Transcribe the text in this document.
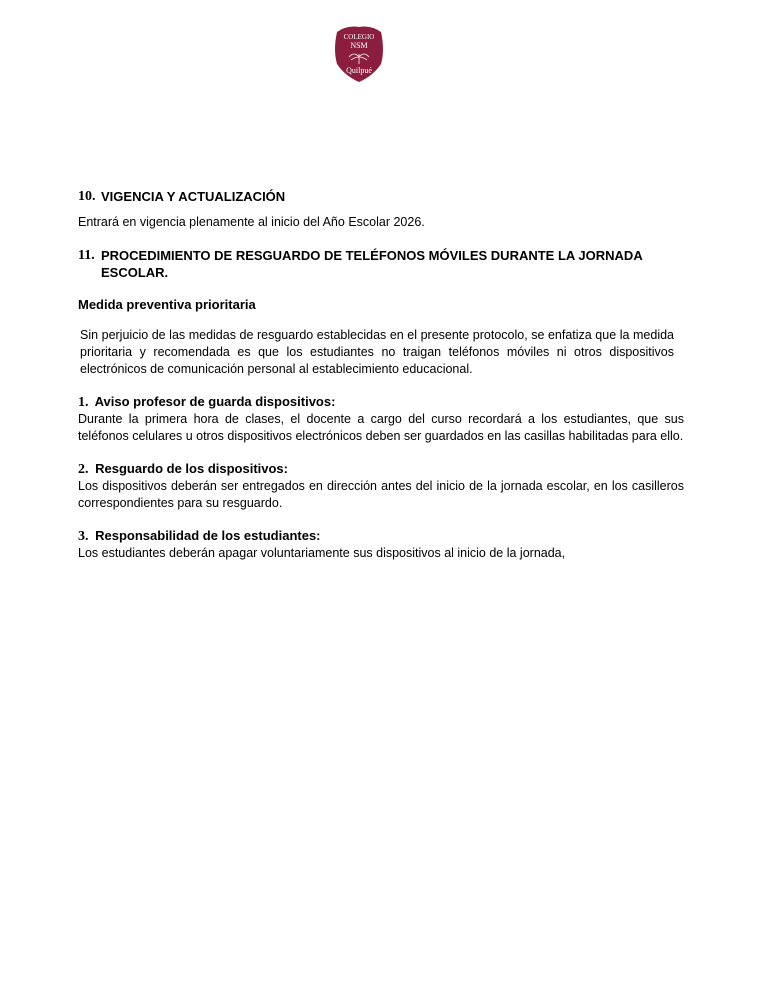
COLEGIO
NSM
Quilpué
10. VIGENCIA Y ACTUALIZACIÓN
Entrará en vigencia plenamente al inicio del Año Escolar 2026.
11. PROCEDIMIENTO DE RESGUARDO DE TELÉFONOS MÓVILES DURANTE LA JORNADA ESCOLAR.
Medida preventiva prioritaria
Sin perjuicio de las medidas de resguardo establecidas en el presente protocolo, se enfatiza que la medida prioritaria y recomendada es que los estudiantes no traigan teléfonos móviles ni otros dispositivos electrónicos de comunicación personal al establecimiento educacional.
1. Aviso profesor de guarda dispositivos:
Durante la primera hora de clases, el docente a cargo del curso recordará a los estudiantes, que sus teléfonos celulares u otros dispositivos electrónicos deben ser guardados en las casillas habilitadas para ello.
2. Resguardo de los dispositivos:
Los dispositivos deberán ser entregados en dirección antes del inicio de la jornada escolar, en los casilleros correspondientes para su resguardo.
3. Responsabilidad de los estudiantes:
Los estudiantes deberán apagar voluntariamente sus dispositivos al inicio de la jornada,
